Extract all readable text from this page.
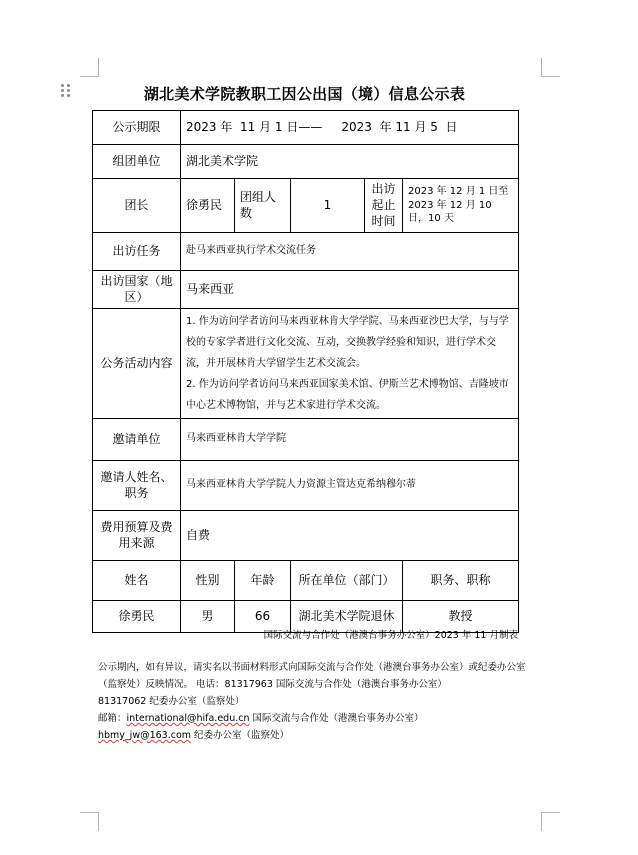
湖北美术学院教职工因公出国（境）信息公示表
公示期限	2023 年  11 月 1 日——     2023  年 11 月 5  日				
组团单位	湖北美术学院				
团长	徐勇民	团组人数	1	出访起止时间	2023 年 12 月 1 日至 2023 年 12 月 10 日，10 天
出访任务	赴马来西亚执行学术交流任务				
出访国家（地区）	马来西亚				
公务活动内容	1. 作为访问学者访问马来西亚林肯大学学院、马来西亚沙巴大学，与与学校的专家学者进行文化交流、互动，交换教学经验和知识，进行学术交流，并开展林肯大学留学生艺术交流会。

2. 作为访问学者访问马来西亚国家美术馆、伊斯兰艺术博物馆、吉隆坡市中心艺术博物馆，并与艺术家进行学术交流。				

邀请单位	马来西亚林肯大学学院				
邀请人姓名、职务	马来西亚林肯大学学院人力资源主管达克希纳穆尔蒂				
费用预算及费用来源	自费				
姓名	性别	年龄	所在单位（部门）		职务、职称
徐勇民	男	66	湖北美术学院退休		教授
国际交流与合作处（港澳台事务办公室）2023 年 11 月制表
公示期内，如有异议，请实名以书面材料形式向国际交流与合作处（港澳台事务办公室）或纪委办公室（监察处）反映情况。 电话：81317963 国际交流与合作处（港澳台事务办公室）
81317062 纪委办公室（监察处）
邮箱：international@hifa.edu.cn 国际交流与合作处（港澳台事务办公室）
hbmy_jw@163.com 纪委办公室（监察处）
